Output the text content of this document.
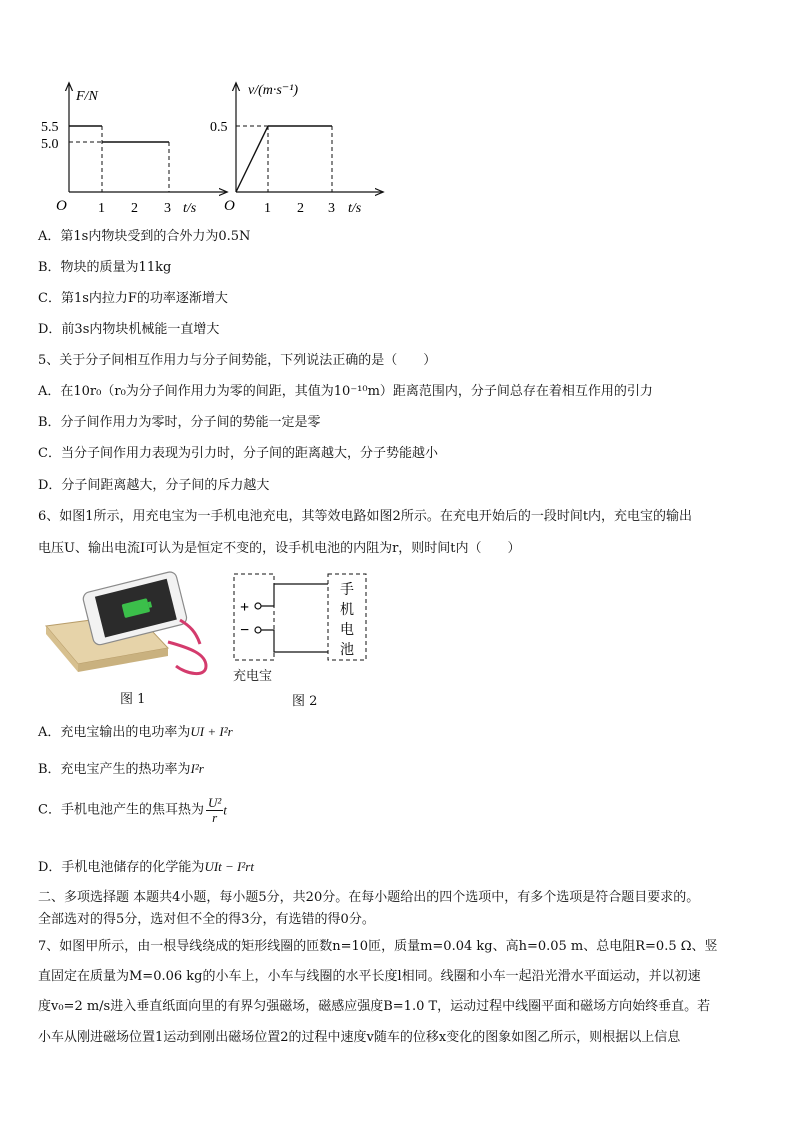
F/N
5.5
5.0
O 1 2 3 t/s
v/(m·s⁻¹)
0.5
O 1 2 3 t/s
A．第1s内物块受到的合外力为0.5N
B．物块的质量为11kg
C．第1s内拉力F的功率逐渐增大
D．前3s内物块机械能一直增大
5、关于分子间相互作用力与分子间势能，下列说法正确的是（　　）
A．在10r₀（r₀为分子间作用力为零的间距，其值为10⁻¹⁰m）距离范围内，分子间总存在着相互作用的引力
B．分子间作用力为零时，分子间的势能一定是零
C．当分子间作用力表现为引力时，分子间的距离越大，分子势能越小
D．分子间距离越大，分子间的斥力越大
6、如图1所示，用充电宝为一手机电池充电，其等效电路如图2所示。在充电开始后的一段时间t内，充电宝的输出
电压U、输出电流I可认为是恒定不变的，设手机电池的内阻为r，则时间t内（　　）
图 1
+
−
手
机
电
池
充电宝
图 2
A．充电宝输出的电功率为UI + I²r
B．充电宝产生的热功率为I²r
C．手机电池产生的焦耳热为 $\frac{\text{U²}}{r}$ t
D．手机电池储存的化学能为UIt − I²rt
二、多项选择题 本题共4小题，每小题5分，共20分。在每小题给出的四个选项中，有多个选项是符合题目要求的。
全部选对的得5分，选对但不全的得3分，有选错的得0分。
7、如图甲所示，由一根导线绕成的矩形线圈的匝数n=10匝，质量m=0.04 kg、高h=0.05 m、总电阻R=0.5 Ω、竖
直固定在质量为M=0.06 kg的小车上，小车与线圈的水平长度l相同。线圈和小车一起沿光滑水平面运动，并以初速
度v₀=2 m/s进入垂直纸面向里的有界匀强磁场，磁感应强度B=1.0 T，运动过程中线圈平面和磁场方向始终垂直。若
小车从刚进磁场位置1运动到刚出磁场位置2的过程中速度v随车的位移x变化的图象如图乙所示，则根据以上信息
